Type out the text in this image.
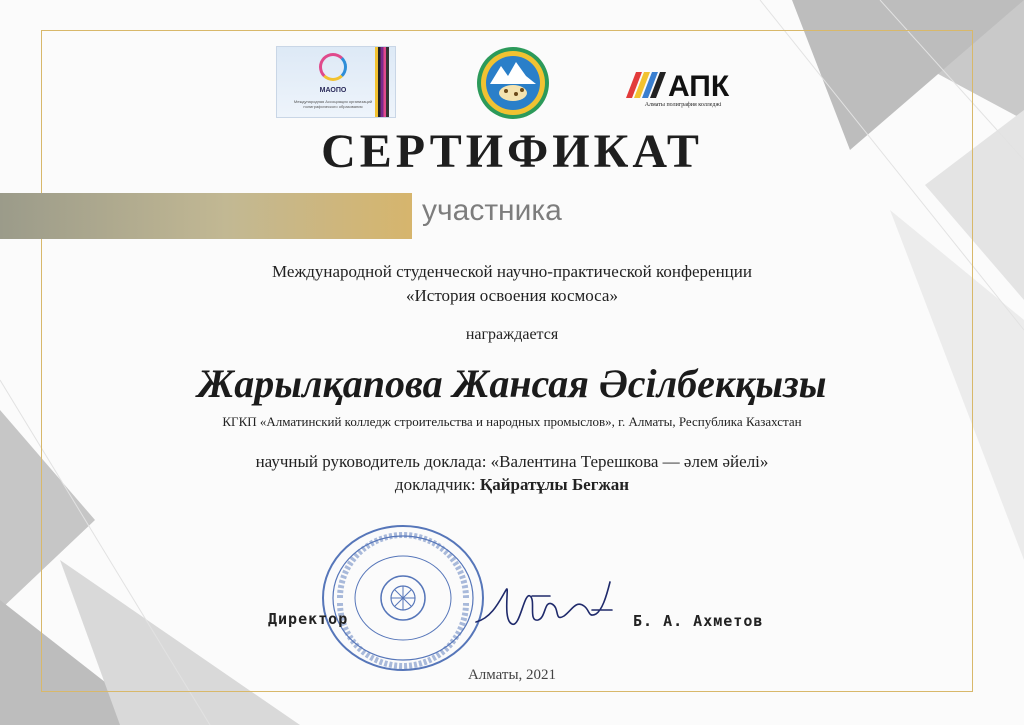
МАОПО
Международная Ассоциация организаций полиграфического образования
АПК
Алматы полиграфия колледжі
СЕРТИФИКАТ
участника
Международной студенческой научно-практической конференции
«История освоения космоса»
награждается
Жарылқапова Жансая Әсілбекқызы
КГКП «Алматинский колледж строительства и народных промыслов», г. Алматы, Республика Казахстан
научный руководитель доклада: «Валентина Терешкова — әлем әйелі»
докладчик: Қайратұлы Бегжан
Директор	Б. А. Ахметов
Алматы, 2021
